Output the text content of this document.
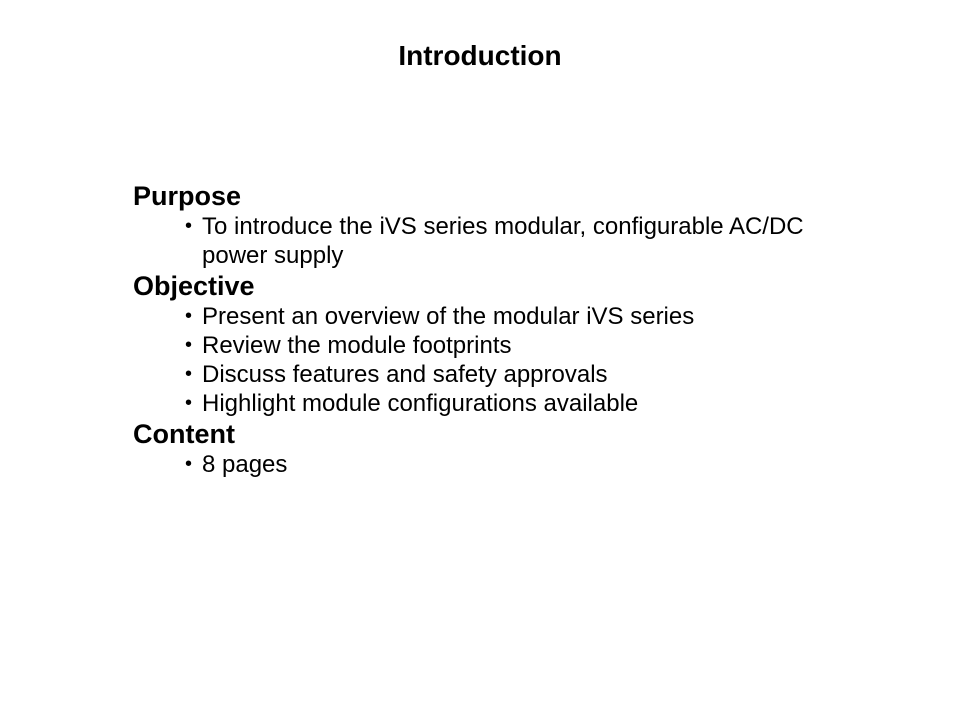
Introduction
Purpose
• To introduce the iVS series modular, configurable AC/DC power supply
Objective
• Present an overview of the modular iVS series
• Review the module footprints
• Discuss features and safety approvals
• Highlight module configurations available
Content
• 8 pages
